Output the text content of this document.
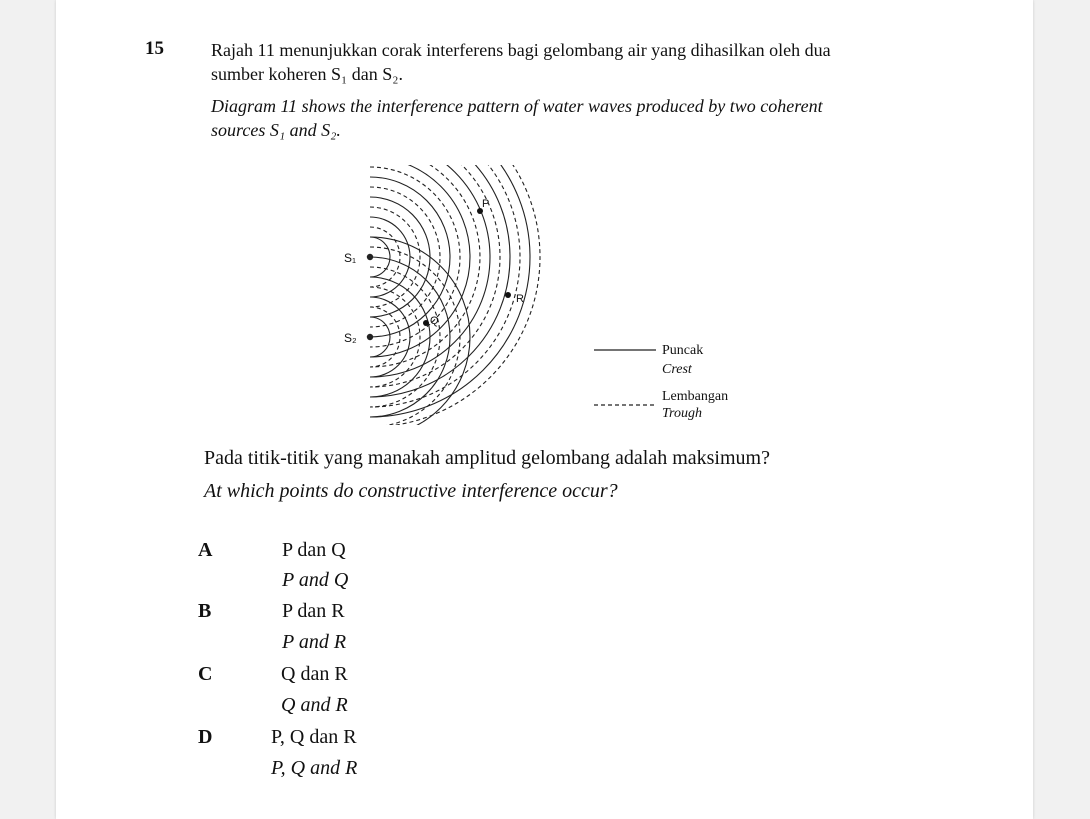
15	Rajah 11 menunjukkan corak interferens bagi gelombang air yang dihasilkan oleh dua
sumber koheren S₁ dan S₂.
Diagram 11 shows the interference pattern of water waves produced by two coherent
sources S₁ and S₂.
S₁
S₂
P
Q
R
Puncak
Crest
Lembangan
Trough
Pada titik-titik yang manakah amplitud gelombang adalah maksimum?
At which points do constructive interference occur?
A	P dan Q
P and Q
B	P dan R
P and R
C	Q dan R
Q and R
D	P, Q dan R
P, Q and R
